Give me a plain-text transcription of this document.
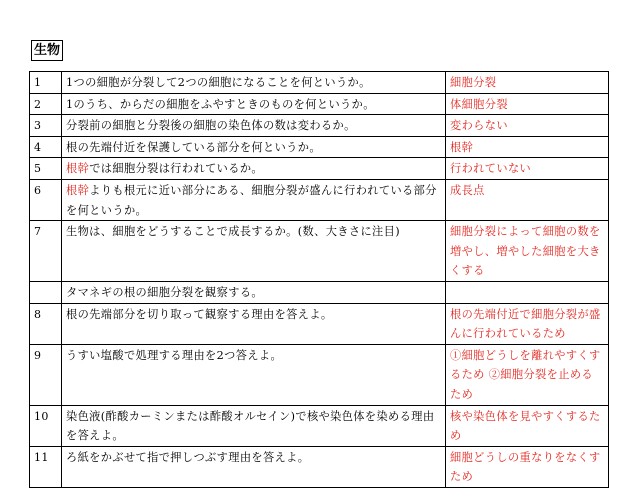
生物
1	1つの細胞が分裂して2つの細胞になることを何というか。	細胞分裂
2	1のうち、からだの細胞をふやすときのものを何というか。	体細胞分裂
3	分裂前の細胞と分裂後の細胞の染色体の数は変わるか。	変わらない
4	根の先端付近を保護している部分を何というか。	根幹
5	根幹では細胞分裂は行われているか。	行われていない
6	根幹よりも根元に近い部分にある、細胞分裂が盛んに行われている部分を何というか。	成長点
7	生物は、細胞をどうすることで成長するか。(数、大きさに注目)	細胞分裂によって細胞の数を増やし、増やした細胞を大きくする
	タマネギの根の細胞分裂を観察する。	
8	根の先端部分を切り取って観察する理由を答えよ。	根の先端付近で細胞分裂が盛んに行われているため
9	うすい塩酸で処理する理由を2つ答えよ。	①細胞どうしを離れやすくするため ②細胞分裂を止めるため
10	染色液(酢酸カーミンまたは酢酸オルセイン)で核や染色体を染める理由を答えよ。	核や染色体を見やすくするため
11	ろ紙をかぶせて指で押しつぶす理由を答えよ。	細胞どうしの重なりをなくすため
